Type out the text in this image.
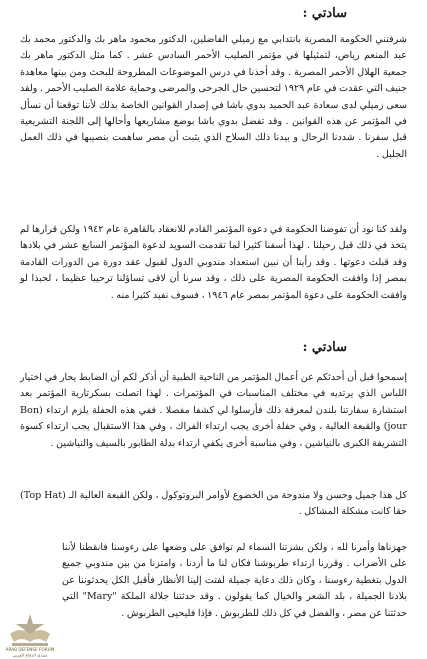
سادتي :

شرفتني الحكومة المصرية بانتدابي مع زميلي الفاضلين، الدكتور محمود ماهر بك والدكتور محمد بك عبد المنعم رياض، لتمثيلها في مؤتمر الصليب الأحمر السادس عشر . كما مثل الدكتور ماهر بك جمعية الهلال الأحمر المصرية . وقد أخذنا في درس الموضوعات المطروحة للبحث ومن بينها معاهدة جنيف التي عقدت في عام ١٩٢٩ لتحسين حال الجرحى والمرضى وحماية علامة الصليب الأحمر . ولقد سعى زميلي لدى سعادة عبد الحميد بدوي باشا في إصدار القوانين الخاصة بذلك لأننا توقعنا أن نسأل في المؤتمر عن هذه القوانين . وقد تفضل بدوي باشا بوضع مشاريعها وأحالها إلى اللجنة التشريعية قبل سفرنا . شددنا الرحال و بيدنا ذلك السلاح الذي يثبت أن مصر ساهمت بنصيبها في ذلك العمل الجليل .

ولقد كنا نود أن تفوضنا الحكومة في دعوة المؤتمر القادم للانعقاد بالقاهرة عام ١٩٤٢ ولكن قرارها لم يتخذ في ذلك قبل رحيلنا . لهذا أسفنا كثيرا لما تقدمت السويد لدعوة المؤتمر السابع عشر في بلادها وقد قبلت دعوتها . وقد رأينا أن نبين استعداد مندوبي الدول لقبول عقد دورة من الدورات القادمة بمصر إذا وافقت الحكومة المصرية على ذلك ، وقد سرنا أن لاقى تساؤلنا ترحيبا عظيما ، لحبذا لو وافقت الحكومة على دعوة المؤتمر بمصر عام ١٩٤٦ ، فسوف نفيد كثيرا منه .

سادتي :

إسمحوا قبل أن أحدثكم عن أعمال المؤتمر من الناحية الطبية أن أذكر لكم أن الضابط يحار في اختيار اللباس الذي يرتديه في مختلف المناسبات في المؤتمرات . لهذا اتصلت بسكرتارية المؤتمر بعد استشارة سفارتنا بلندن لمعرفة ذلك فأرسلوا لي كشفا مفصلا . ففي هذه الحفلة يلزم ارتداء (Bon jour) والقبعة العالية ، وفي حفلة أخرى يجب ارتداء الفراك ، وفي هذا الاستقبال يجب ارتداء كسوة التشريفة الكبرى بالنياشين ، وفي مناسبة أخرى يكفي ارتداء بدلة الطابور بالسيف والنياشين .

كل هذا جميل وحسن ولا مندوحة من الخضوع لأوامر البروتوكول ، ولكن القبعة العالية الـ (Top Hat) حقا كانت مشكلة المشاكل .

جهزناها وأمرنا لله ، ولكن بشرتنا السماء لم توافق على وضعها على رءوسنا فانقطنا لأننا على الأضراب . وقررنا ارتداء طربوشنا فكان لنا ما أردنا ، وامتزنا من بين مندوبي جميع الدول بتغطية رءوسنا ، وكان ذلك دعاية جميلة لفتت إلينا الأنظار فأقبل الكل يحدثوننا عن بلادنا الجميلة ، بلد الشعر والخيال كما يقولون . وقد حدثتنا جلالة الملكة "Mary" التي حدثتنا عن مصر ، والفضل في كل ذلك للطربوش . فإذا فليحيى الطربوش .

ARAB DEFENSE FORUM
منتدى الدفاع العربي
